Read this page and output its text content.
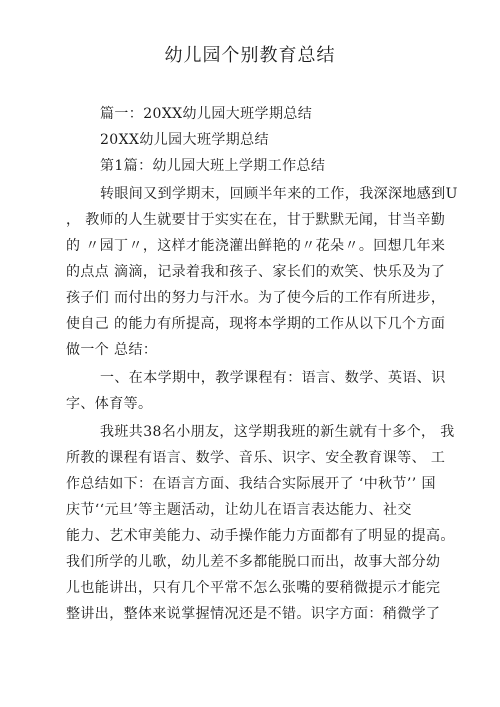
幼儿园个别教育总结
篇一：20XX幼儿园大班学期总结
20XX幼儿园大班学期总结
第1篇：幼儿园大班上学期工作总结
转眼间又到学期末，回顾半年来的工作，我深深地感到U
， 教师的人生就要甘于实实在在，甘于默默无闻，甘当辛勤
的 〃园丁〃，这样才能浇灌出鲜艳的〃花朵〃。回想几年来
的点点 滴滴，记录着我和孩子、家长们的欢笑、快乐及为了
孩子们 而付出的努力与汗水。为了使今后的工作有所进步，
使自己 的能力有所提高，现将本学期的工作从以下几个方面
做一个 总结：
一、在本学期中，教学课程有：语言、数学、英语、识
字、体育等。
我班共38名小朋友，这学期我班的新生就有十多个， 我
所教的课程有语言、数学、音乐、识字、安全教育课等、 工
作总结如下：在语言方面、我结合实际展开了 ‘中秋节’’ 国
庆节‘‘元旦’等主题活动，让幼儿在语言表达能力、社交
能力、艺术审美能力、动手操作能力方面都有了明显的提高。
我们所学的儿歌，幼儿差不多都能脱口而出，故事大部分幼
儿也能讲出，只有几个平常不怎么张嘴的要稍微提示才能完
整讲出，整体来说掌握情况还是不错。识字方面：稍微学了
